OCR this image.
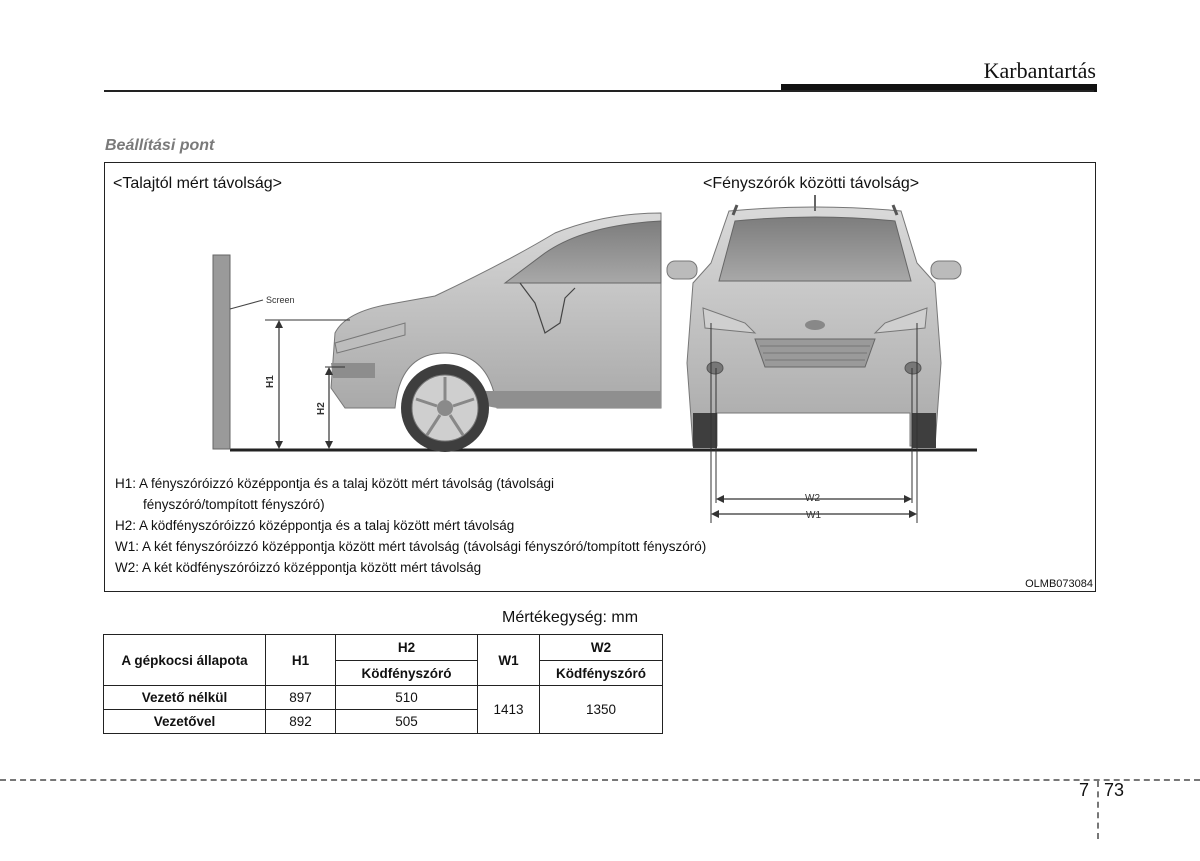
Karbantartás
Beállítási pont
<Talajtól mért távolság>	<Fényszórók közötti távolság>
Screen
H1
H2
W2
W1
H1: A fényszóróizzó középpontja és a talaj között mért távolság (távolsági
fényszóró/tompított fényszóró)
H2: A ködfényszóróizzó középpontja és a talaj között mért távolság
W1: A két fényszóróizzó középpontja között mért távolság (távolsági fényszóró/tompított fényszóró)
W2: A két ködfényszóróizzó középpontja között mért távolság
OLMB073084
Mértékegység: mm
A gépkocsi állapota	H1	H2	W1	W2
		Ködfényszóró		Ködfényszóró
Vezető nélkül	897	510	1413	1350
Vezetővel	892	505		
7 73
